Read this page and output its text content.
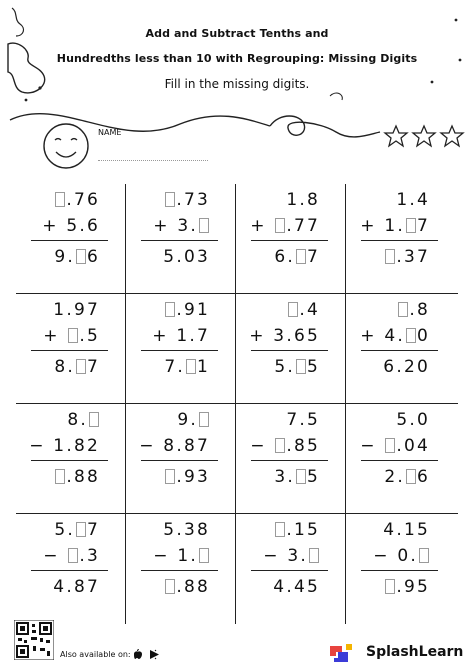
Add and Subtract Tenths and
Hundredths less than 10 with Regrouping: Missing Digits
Fill in the missing digits.
NAME
.76
+ 5.6
9. 6
.73
+ 3.
5.03
1.8
+ .77
6. 7
1.4
+ 1. 7
.37
1.97
+ .5
8. 7
.91
+ 1.7
7. 1
.4
+ 3.65
5. 5
.8
+ 4. 0
6.20
8.
− 1.82
.88
9.
− 8.87
.93
7.5
− .85
3. 5
5.0
− .04
2. 6
5. 7
− .3
4.87
5.38
− 1.
.88
.15
− 3.
4.45
4.15
− 0.
.95
Also available on:	SplashLearn
